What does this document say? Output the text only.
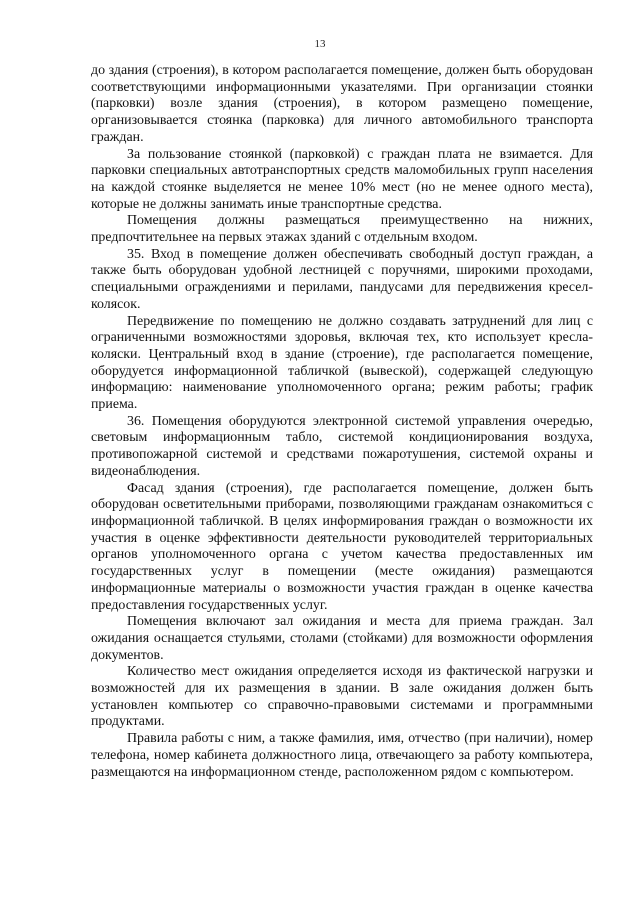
13

до здания (строения), в котором располагается помещение, должен быть оборудован соответствующими информационными указателями. При организации стоянки (парковки) возле здания (строения), в котором размещено помещение, организовывается стоянка (парковка) для личного автомобильного транспорта граждан.

За пользование стоянкой (парковкой) с граждан плата не взимается. Для парковки специальных автотранспортных средств маломобильных групп населения на каждой стоянке выделяется не менее 10% мест (но не менее одного места), которые не должны занимать иные транспортные средства.

Помещения должны размещаться преимущественно на нижних, предпочтительнее на первых этажах зданий с отдельным входом.

35. Вход в помещение должен обеспечивать свободный доступ граждан, а также быть оборудован удобной лестницей с поручнями, широкими проходами, специальными ограждениями и перилами, пандусами для передвижения кресел-колясок.

Передвижение по помещению не должно создавать затруднений для лиц с ограниченными возможностями здоровья, включая тех, кто использует кресла-коляски. Центральный вход в здание (строение), где располагается помещение, оборудуется информационной табличкой (вывеской), содержащей следующую информацию: наименование уполномоченного органа; режим работы; график приема.

36. Помещения оборудуются электронной системой управления очередью, световым информационным табло, системой кондиционирования воздуха, противопожарной системой и средствами пожаротушения, системой охраны и видеонаблюдения.

Фасад здания (строения), где располагается помещение, должен быть оборудован осветительными приборами, позволяющими гражданам ознакомиться с информационной табличкой. В целях информирования граждан о возможности их участия в оценке эффективности деятельности руководителей территориальных органов уполномоченного органа с учетом качества предоставленных им государственных услуг в помещении (месте ожидания) размещаются информационные материалы о возможности участия граждан в оценке качества предоставления государственных услуг.

Помещения включают зал ожидания и места для приема граждан. Зал ожидания оснащается стульями, столами (стойками) для возможности оформления документов.

Количество мест ожидания определяется исходя из фактической нагрузки и возможностей для их размещения в здании. В зале ожидания должен быть установлен компьютер со справочно-правовыми системами и программными продуктами.

Правила работы с ним, а также фамилия, имя, отчество (при наличии), номер телефона, номер кабинета должностного лица, отвечающего за работу компьютера, размещаются на информационном стенде, расположенном рядом с компьютером.
